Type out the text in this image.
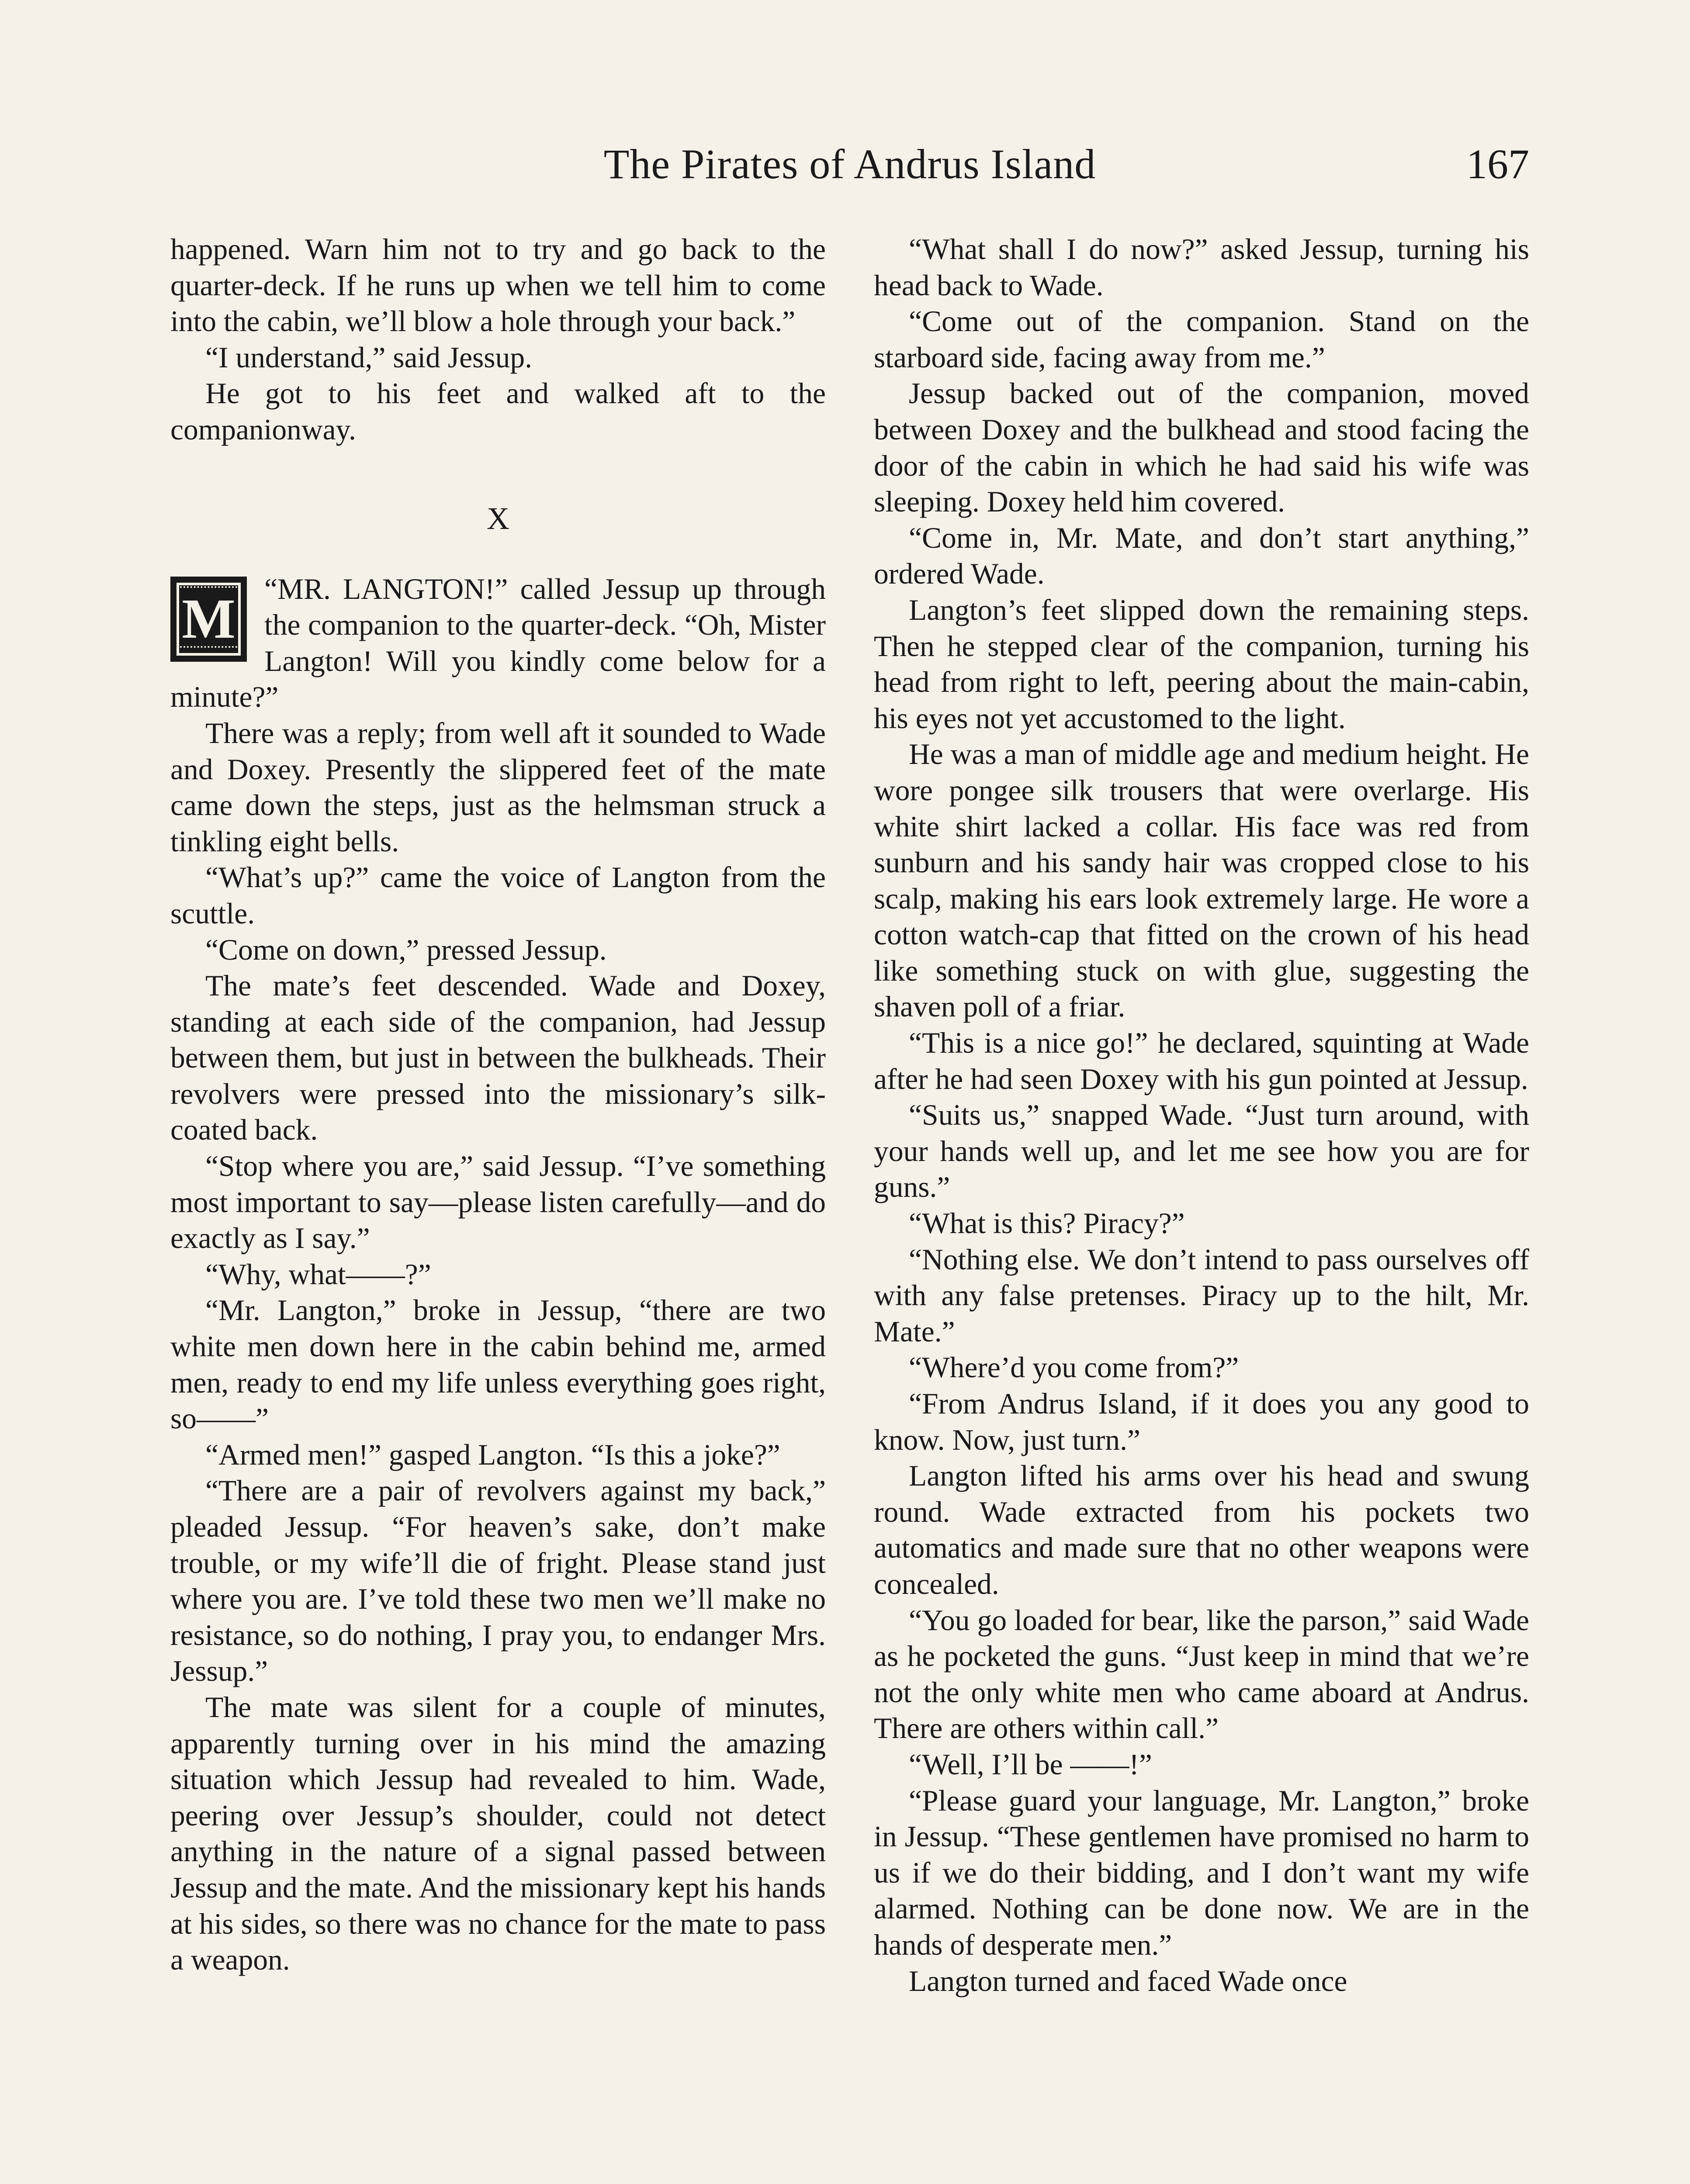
The Pirates of Andrus Island	167

happened. Warn him not to try and go back to the quarter-deck. If he runs up when we tell him to come into the cabin, we’ll blow a hole through your back.”

“I understand,” said Jessup.

He got to his feet and walked aft to the companionway.

X

M “MR. LANGTON!” called Jessup up through the companion to the quarter-deck. “Oh, Mister Langton! Will you kindly come below for a minute?”

There was a reply; from well aft it sounded to Wade and Doxey. Presently the slippered feet of the mate came down the steps, just as the helmsman struck a tinkling eight bells.

“What’s up?” came the voice of Langton from the scuttle.

“Come on down,” pressed Jessup.

The mate’s feet descended. Wade and Doxey, standing at each side of the companion, had Jessup between them, but just in between the bulkheads. Their revolvers were pressed into the missionary’s silk-coated back.

“Stop where you are,” said Jessup. “I’ve something most important to say—please listen carefully—and do exactly as I say.”

“Why, what——?”

“Mr. Langton,” broke in Jessup, “there are two white men down here in the cabin behind me, armed men, ready to end my life unless everything goes right, so——”

“Armed men!” gasped Langton. “Is this a joke?”

“There are a pair of revolvers against my back,” pleaded Jessup. “For heaven’s sake, don’t make trouble, or my wife’ll die of fright. Please stand just where you are. I’ve told these two men we’ll make no resistance, so do nothing, I pray you, to endanger Mrs. Jessup.”

The mate was silent for a couple of minutes, apparently turning over in his mind the amazing situation which Jessup had revealed to him. Wade, peering over Jessup’s shoulder, could not detect anything in the nature of a signal passed between Jessup and the mate. And the missionary kept his hands at his sides, so there was no chance for the mate to pass a weapon.

“What shall I do now?” asked Jessup, turning his head back to Wade.

“Come out of the companion. Stand on the starboard side, facing away from me.”

Jessup backed out of the companion, moved between Doxey and the bulkhead and stood facing the door of the cabin in which he had said his wife was sleeping. Doxey held him covered.

“Come in, Mr. Mate, and don’t start anything,” ordered Wade.

Langton’s feet slipped down the remaining steps. Then he stepped clear of the companion, turning his head from right to left, peering about the main-cabin, his eyes not yet accustomed to the light.

He was a man of middle age and medium height. He wore pongee silk trousers that were overlarge. His white shirt lacked a collar. His face was red from sunburn and his sandy hair was cropped close to his scalp, making his ears look extremely large. He wore a cotton watch-cap that fitted on the crown of his head like something stuck on with glue, suggesting the shaven poll of a friar.

“This is a nice go!” he declared, squinting at Wade after he had seen Doxey with his gun pointed at Jessup.

“Suits us,” snapped Wade. “Just turn around, with your hands well up, and let me see how you are for guns.”

“What is this? Piracy?”

“Nothing else. We don’t intend to pass ourselves off with any false pretenses. Piracy up to the hilt, Mr. Mate.”

“Where’d you come from?”

“From Andrus Island, if it does you any good to know. Now, just turn.”

Langton lifted his arms over his head and swung round. Wade extracted from his pockets two automatics and made sure that no other weapons were concealed.

“You go loaded for bear, like the parson,” said Wade as he pocketed the guns. “Just keep in mind that we’re not the only white men who came aboard at Andrus. There are others within call.”

“Well, I’ll be ——!”

“Please guard your language, Mr. Langton,” broke in Jessup. “These gentlemen have promised no harm to us if we do their bidding, and I don’t want my wife alarmed. Nothing can be done now. We are in the hands of desperate men.”

Langton turned and faced Wade once
